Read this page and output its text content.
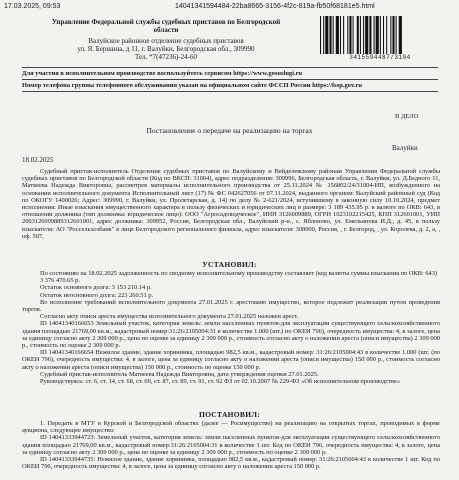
17.03.2025, 09:53	14041341594484-22ba8665-3156-4f2c-819a-fb50f68181e5.html
Управление Федеральной службы судебных приставов по Белгородской
области
Валуйское районное отделение судебных приставов
ул. Я. Бершина, д 11, г. Валуйки, Белгородская обл., 309990
Тел. *7(47236)-24-60	3415594487/3104
Для участия в исполнительном производстве воспользуйтесь сервисом https://www.gosuslugi.ru
Номер телефона группы телефонного обслуживания указан на официальном сайте ФССП России https://fssp.gov.ru
В ДЕЛО
Постановление о передаче на реализацию на торгах
Валуйки
18.02.2025

Судебный пристав-исполнитель Отделение судебных приставов по Валуйскому и Вейделевскому районам Управления Федеральной службы судебных приставов по Белгородской области (Код по ВКСП: 31004), адрес подразделения: 309996, Белгородская область, г. Валуйки, ул. Д.Бедного 11, Матвеева Надежда Викторовна, рассмотрев материалы исполнительного производства от 25.11.2024 № 156802/24/31004-ИП, возбужденного на основании исполнительного документа Исполнительный лист (17) № ФС 042627056 от 07.11.2024, выданного органом: Валуйский районный суд (Код по ОКОГУ 1400026; Адрес: 309990, г. Валуйки, ул. Пролетарская, д. 14) по делу № 2-621/2024, вступившему в законную силу 10.10.2024, предмет исполнения: Иные взыскания имущественного характера в пользу физических и юридических лиц в размере: 3 189 435.95 р. в валюте по ОКВ: 643, в отношении должника (тип должника: юридическое лицо): ООО "Агросадоводческое", ИНН 3126009889, ОГРН 1023102215425, КПП 312601001, УИП 2003126009889312601001, адрес должника: 309952, Россия, Белгородская обл., Валуйский р-н., с. Яблоново, ул. Емельянова И.Д., д. 45, в пользу взыскателя: АО "Россельхозбанк" в лице Белгородского регионального филиала, адрес взыскателя: 308000, Россия, , г. Белгород, , ул. Королева, д. 2, а, , оф. 507,

УСТАНОВИЛ:

По состоянию на 18.02.2025 задолженность по сводному исполнительному производству составляет (код валюты суммы взыскания по ОКВ: 643)

3 376 470.65 р.

Остаток основного долга: 3 153 210.14 р.

Остаток неосновного долга: 223 260.51 р.

Во исполнение требований исполнительного документа 27.01.2025 г. арестовано имущество, которое подлежит реализации путем проведения торгов.

Согласно акту описи ареста имущества исполнительного документа 27.01.2025 наложен арест.

ID 14041340166653 Земельный участок, категория земель: земли населенных пунктов-для эксплуатации существующего сельскохозяйственного здания площадью 21769,00 кв.м., кадастровый номер:31:26:2105004:31 в количестве 1.000 (шт.) по ОКЕИ 796), очередность имущества: 4, в залоге, цена за единицу согласно акту 2 309 000 р., цена по оценке за единицу 2 309 000 р., стоимость согласно акту о наложении ареста (описи имущества) 2 309 000 р., стоимость по оценке 2 309 000 р.

ID 14041340166654 Нежилое здание, здание хоринника, площадью 982,5 кв.м., кадастровый номер: 31:26:2105004:43 в количестве 1.000 (шт. (по ОКЕИ 796), очередность имущества: 4, в залоге, цена за единицу согласно акту о наложении ареста (описи имущества) 150 000 р., стоимость согласно акту о наложении ареста (описи имущества) 150 000 р., стоимость по оценке 150 000 р.

Судебный пристав-исполнитель Матвеева Надежда Викторовна, дата утверждения оценки 27.01.2025.

Руководствуясь: ст. 6, ст. 14, ст. 68, ст. 69, ст. 87, ст. 89, ст. 91, ст. 92 ФЗ от 02.10.2007 № 229-ФЗ «Об исполнительном производстве»

ПОСТАНОВИЛ:

1. Передать в МТУ в Курской и Белгородской областях (далее — Росимущество) на реализацию на открытых торгах, проводимых в форме аукциона, следующее имущество:

ID 14041333944723: Земельный участок, категория земель: земли населенных пунктов-для эксплуатации существующего сельскохозяйственного здания площадью 21769,00 кв.м., кадастровый номер:31:26:2105004:31 в количестве 1 шт. Код по ОКЕИ 796, очередность имущества: 4, в залоге, цена за единицу согласно акту 2 309 000 р., цена по оценке за единицу 2 309 000 р., стоимость по оценке 2 309 000 р.

ID 14041333944735: Нежилое здание, здание хоринника, площадью 982,5 кв.м., кадастровый номер: 31:26:2105004:43 в количестве 1 шт. Код по ОКЕИ 796, очередность имущества: 4, в залоге, цена за единицу согласно акту о наложении ареста 150 000 р.
